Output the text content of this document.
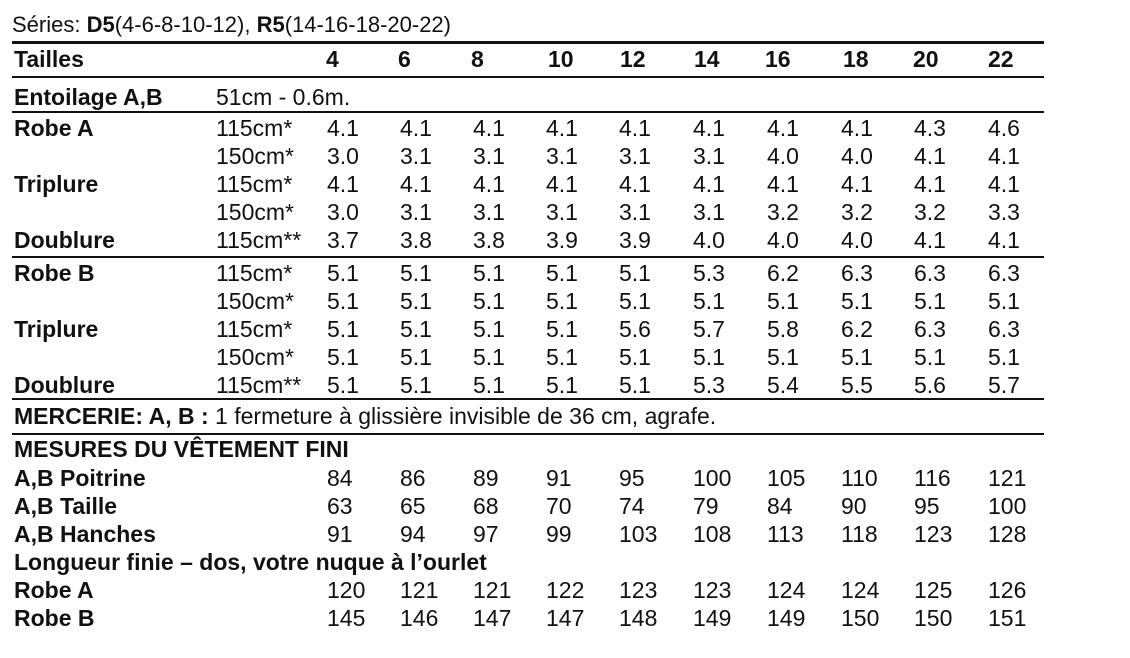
Séries: D5(4-6-8-10-12), R5(14-16-18-20-22)
Tailles	4	6	8	10 12 14 16 18 20 22
Entoilage A,B 51cm - 0.6m.
Robe A	115cm* 4.1 4.1 4.1 4.1 4.1 4.1 4.1 4.1 4.3 4.6
150cm* 3.0 3.1 3.1 3.1 3.1 3.1 4.0 4.0 4.1 4.1
Triplure	115cm* 4.1 4.1 4.1 4.1 4.1 4.1 4.1 4.1 4.1 4.1
150cm* 3.0 3.1 3.1 3.1 3.1 3.1 3.2 3.2 3.2 3.3
Doublure	115cm** 3.7 3.8 3.8 3.9 3.9 4.0 4.0 4.0 4.1 4.1
Robe B	115cm* 5.1 5.1 5.1 5.1 5.1 5.3 6.2 6.3 6.3 6.3
150cm* 5.1 5.1 5.1 5.1 5.1 5.1 5.1 5.1 5.1 5.1
Triplure	115cm* 5.1 5.1 5.1 5.1 5.6 5.7 5.8 6.2 6.3 6.3
150cm* 5.1 5.1 5.1 5.1 5.1 5.1 5.1 5.1 5.1 5.1
Doublure	115cm** 5.1 5.1 5.1 5.1 5.1 5.3 5.4 5.5 5.6 5.7
MERCERIE: A, B : 1 fermeture à glissière invisible de 36 cm, agrafe.
MESURES DU VÊTEMENT FINI
A,B Poitrine	84 86 89 91 95 100 105 110 116 121
A,B Taille	63 65 68 70 74 79 84 90 95 100
A,B Hanches	91 94 97 99 103 108 113 118 123 128
Longueur finie – dos, votre nuque à l’ourlet
Robe A	120 121 121 122 123 123 124 124 125 126
Robe B	145 146 147 147 148 149 149 150 150 151
